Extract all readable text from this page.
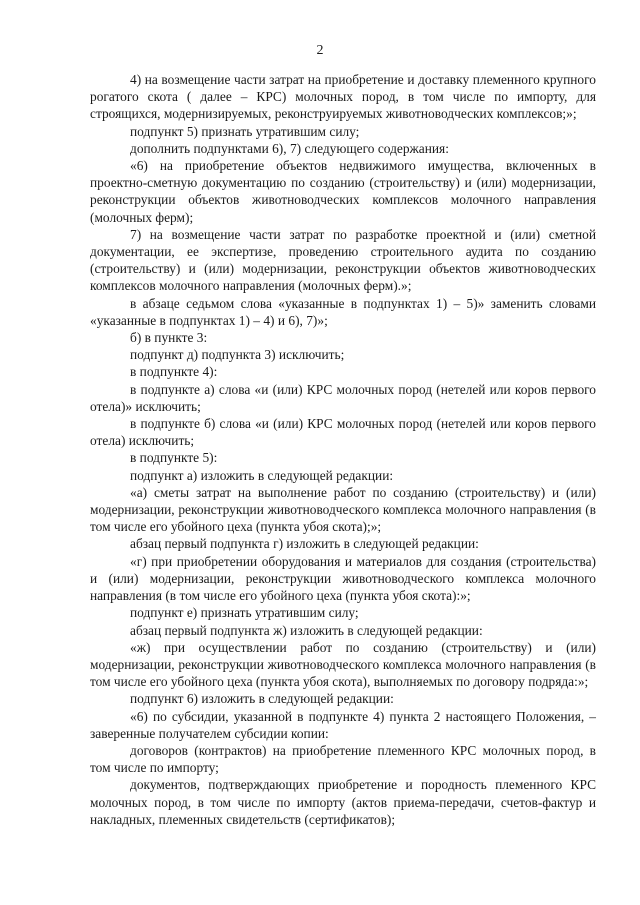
2

4) на возмещение части затрат на приобретение и доставку племенного крупного рогатого скота ( далее – КРС) молочных пород, в том числе по импорту, для строящихся, модернизируемых, реконструируемых животноводческих комплексов;»;

подпункт 5) признать утратившим силу;

дополнить подпунктами 6), 7) следующего содержания:

«6) на приобретение объектов недвижимого имущества, включенных в проектно-сметную документацию по созданию (строительству) и (или) модернизации, реконструкции объектов животноводческих комплексов молочного направления (молочных ферм);

7) на возмещение части затрат по разработке проектной и (или) сметной документации, ее экспертизе, проведению строительного аудита по созданию (строительству) и (или) модернизации, реконструкции объектов животноводческих комплексов молочного направления (молочных ферм).»;

в абзаце седьмом слова «указанные в подпунктах 1) – 5)» заменить словами «указанные в подпунктах 1) – 4) и 6), 7)»;

б) в пункте 3:

подпункт д) подпункта 3) исключить;

в подпункте 4):

в подпункте а) слова «и (или) КРС молочных пород (нетелей или коров первого отела)» исключить;

в подпункте б) слова «и (или) КРС молочных пород (нетелей или коров первого отела) исключить;

в подпункте 5):

подпункт а) изложить в следующей редакции:

«а) сметы затрат на выполнение работ по созданию (строительству) и (или) модернизации, реконструкции животноводческого комплекса молочного направления (в том числе его убойного цеха (пункта убоя скота);»;

абзац первый подпункта г) изложить в следующей редакции:

«г) при приобретении оборудования и материалов для создания (строительства) и (или) модернизации, реконструкции животноводческого комплекса молочного направления (в том числе его убойного цеха (пункта убоя скота):»;

подпункт е) признать утратившим силу;

абзац первый подпункта ж) изложить в следующей редакции:

«ж) при осуществлении работ по созданию (строительству) и (или) модернизации, реконструкции животноводческого комплекса молочного направления (в том числе его убойного цеха (пункта убоя скота), выполняемых по договору подряда:»;

подпункт 6) изложить в следующей редакции:

«6) по субсидии, указанной в подпункте 4) пункта 2 настоящего Положения, – заверенные получателем субсидии копии:

договоров (контрактов) на приобретение племенного КРС молочных пород, в том числе по импорту;

документов, подтверждающих приобретение и породность племенного КРС молочных пород, в том числе по импорту (актов приема-передачи, счетов-фактур и накладных, племенных свидетельств (сертификатов);
